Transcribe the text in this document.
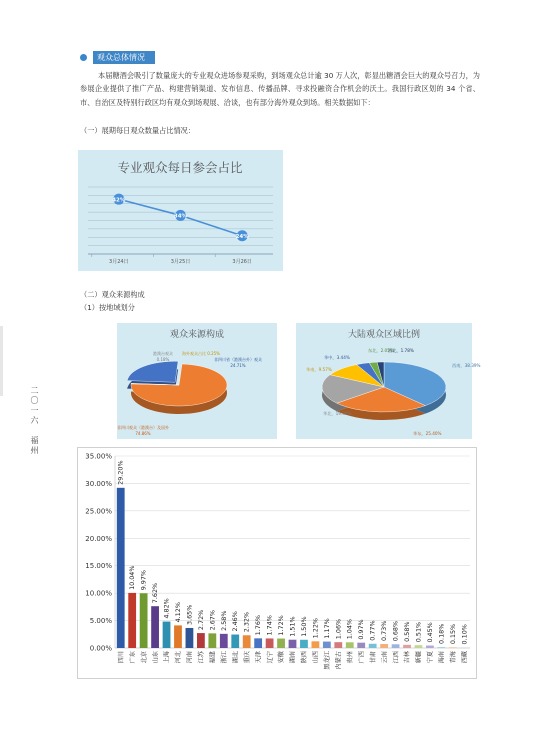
二〇一六　福州
观众总体情况

本届糖酒会吸引了数量庞大的专业观众进场参观采购，到场观众总计逾 30 万人次，彰显出糖酒会巨大的观众号召力，为参展企业提供了推广产品、构建营销渠道、发布信息、传播品牌、寻求投融资合作机会的沃土。我国行政区划的 34 个省、市、自治区及特别行政区均有观众到场观展、洽谈，也有部分海外观众到场。相关数据如下：

（一）展期每日观众数量占比情况：
专业观众每日参会占比
42%
3月24日
34%
3月25日
24%
3月26日
（二）观众来源构成
（1）按地域划分
观众来源构成
非四川观众（港澳台）及国外
74.86%
港澳台观众
0.18%
海外观众占比 0.25%
非四川省（港澳台外）观众
24.71%
大陆观众区域比例
西南，38.39%
华东，25.40%
华北，19.38%
华南，9.57%
华中，3.44%
东北，2.05%
西北，1.78%
0.00%
5.00%
10.00%
15.00%
20.00%
25.00%
30.00%
35.00%
29.20%
四川
10.04%
广东
9.97%
北京
7.62%
山东
4.82%
上海
4.12%
河北
3.65%
河南
2.72%
江苏
2.67%
福建
2.58%
浙江
2.46%
湖北
2.32%
重庆
1.76%
天津
1.74%
辽宁
1.72%
安徽
1.51%
湖南
1.50%
陕西
1.22%
山西
1.17%
黑龙江
1.06%
内蒙古
1.04%
贵州
0.97%
广西
0.77%
甘肃
0.73%
云南
0.68%
江西
0.58%
吉林
0.51%
新疆
0.45%
宁夏
0.18%
海南
0.15%
青海
0.10%
西藏
